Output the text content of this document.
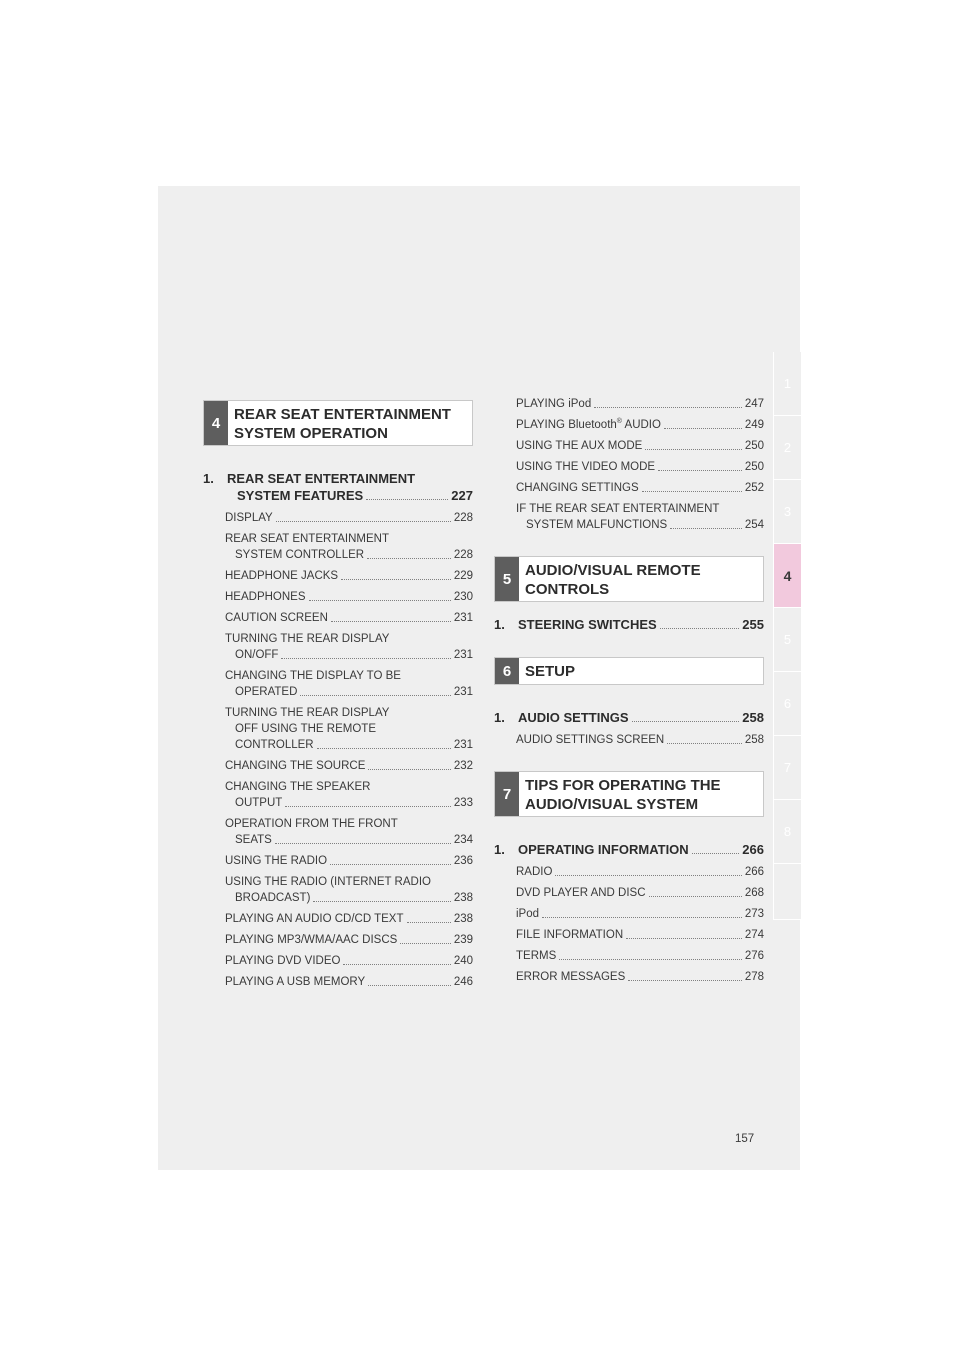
1
2
3
4
5
6
7
8
4 REAR SEAT ENTERTAINMENT
SYSTEM OPERATION
1.	REAR SEAT ENTERTAINMENT
SYSTEM FEATURES	227
DISPLAY	228
REAR SEAT ENTERTAINMENT
SYSTEM CONTROLLER	228
HEADPHONE JACKS	229
HEADPHONES	230
CAUTION SCREEN	231
TURNING THE REAR DISPLAY
ON/OFF	231
CHANGING THE DISPLAY TO BE
OPERATED	231
TURNING THE REAR DISPLAY
OFF USING THE REMOTE
CONTROLLER	231
CHANGING THE SOURCE	232
CHANGING THE SPEAKER
OUTPUT	233
OPERATION FROM THE FRONT
SEATS	234
USING THE RADIO	236
USING THE RADIO (INTERNET RADIO
BROADCAST)	238
PLAYING AN AUDIO CD/CD TEXT	238
PLAYING MP3/WMA/AAC DISCS	239
PLAYING DVD VIDEO	240
PLAYING A USB MEMORY	246
PLAYING iPod	247
PLAYING Bluetooth® AUDIO	249
USING THE AUX MODE	250
USING THE VIDEO MODE	250
CHANGING SETTINGS	252
IF THE REAR SEAT ENTERTAINMENT
SYSTEM MALFUNCTIONS	254
5 AUDIO/VISUAL REMOTE
CONTROLS
1.	STEERING SWITCHES	255
6 SETUP
1.	AUDIO SETTINGS	258
AUDIO SETTINGS SCREEN	258
7 TIPS FOR OPERATING THE
AUDIO/VISUAL SYSTEM
1.	OPERATING INFORMATION	266
RADIO	266
DVD PLAYER AND DISC	268
iPod	273
FILE INFORMATION	274
TERMS	276
ERROR MESSAGES	278
157
